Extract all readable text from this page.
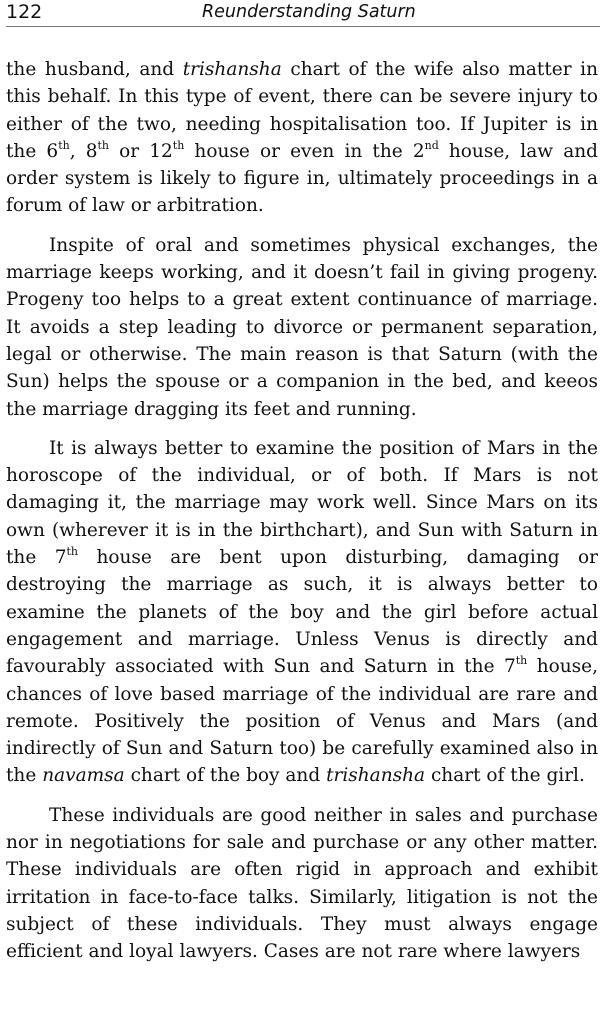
122	Reunderstanding Saturn

the husband, and trishansha chart of the wife also matter in this behalf. In this type of event, there can be severe injury to either of the two, needing hospitalisation too. If Jupiter is in the 6th, 8th or 12th house or even in the 2nd house, law and order system is likely to figure in, ultimately proceedings in a forum of law or arbitration.

Inspite of oral and sometimes physical exchanges, the marriage keeps working, and it doesn’t fail in giving progeny. Progeny too helps to a great extent continuance of marriage. It avoids a step leading to divorce or permanent separation, legal or otherwise. The main reason is that Saturn (with the Sun) helps the spouse or a companion in the bed, and keeos the marriage dragging its feet and running.

It is always better to examine the position of Mars in the horoscope of the individual, or of both. If Mars is not damaging it, the marriage may work well. Since Mars on its own (wherever it is in the birthchart), and Sun with Saturn in the 7th house are bent upon disturbing, damaging or destroying the marriage as such, it is always better to examine the planets of the boy and the girl before actual engagement and marriage. Unless Venus is directly and favourably associated with Sun and Saturn in the 7th house, chances of love based marriage of the individual are rare and remote. Positively the position of Venus and Mars (and indirectly of Sun and Saturn too) be carefully examined also in the navamsa chart of the boy and trishansha chart of the girl.

These individuals are good neither in sales and purchase nor in negotiations for sale and purchase or any other matter. These individuals are often rigid in approach and exhibit irritation in face-to-face talks. Similarly, litigation is not the subject of these individuals. They must always engage efficient and loyal lawyers. Cases are not rare where lawyers
